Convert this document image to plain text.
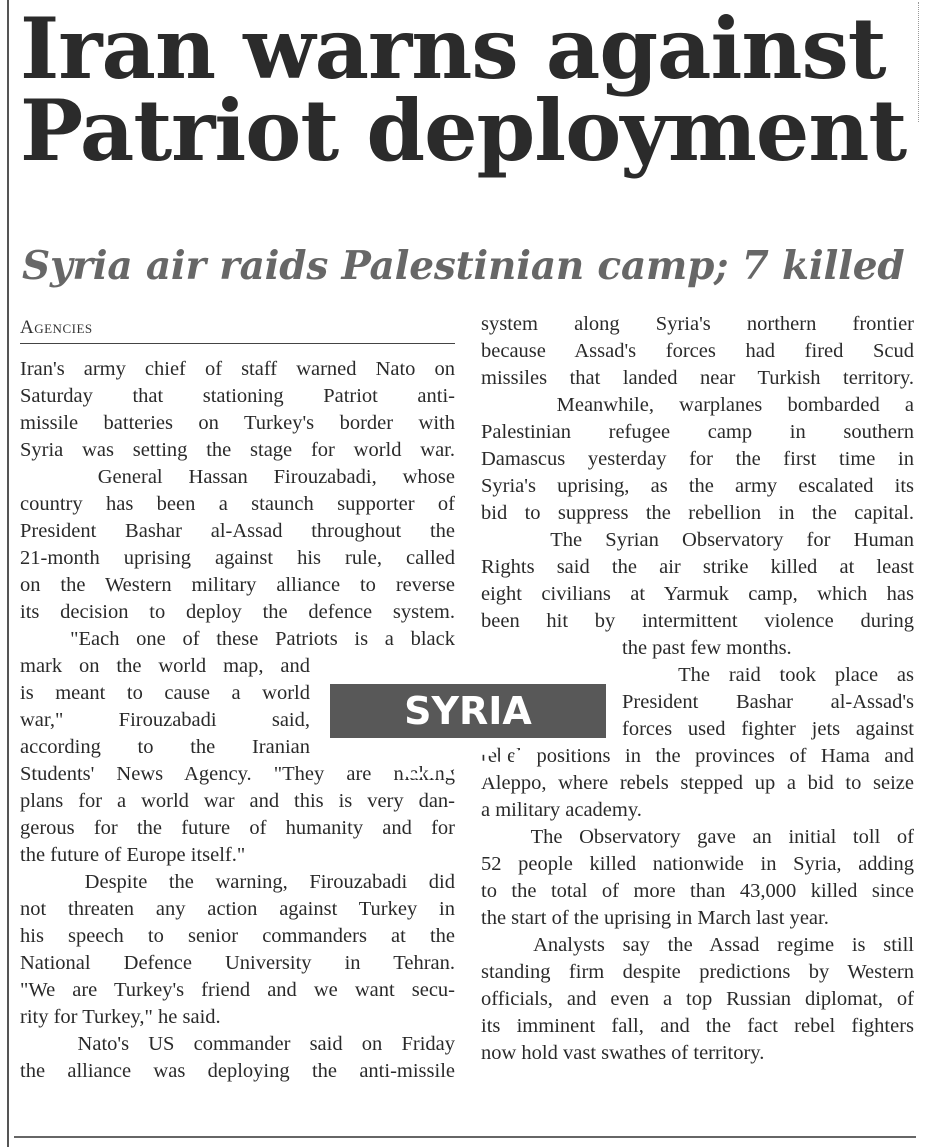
Iran warns against
Patriot deployment
Syria air raids Palestinian camp; 7 killed
Agencies
Iran's army chief of staff warned Nato on
Saturday that stationing Patriot anti-
missile batteries on Turkey's border with
Syria was setting the stage for world war.
General Hassan Firouzabadi, whose
country has been a staunch supporter of
President Bashar al-Assad throughout the
21-month uprising against his rule, called
on the Western military alliance to reverse
its decision to deploy the defence system.
"Each one of these Patriots is a black
mark on the world map, and
is meant to cause a world
war," Firouzabadi said,
according to the Iranian
Students' News Agency. "They are making
plans for a world war and this is very dan-
gerous for the future of humanity and for
the future of Europe itself."
Despite the warning, Firouzabadi did
not threaten any action against Turkey in
his speech to senior commanders at the
National Defence University in Tehran.
"We are Turkey's friend and we want secu-
rity for Turkey," he said.
Nato's US commander said on Friday
the alliance was deploying the anti-missile
system along Syria's northern frontier
because Assad's forces had fired Scud
missiles that landed near Turkish territory.
Meanwhile, warplanes bombarded a
Palestinian refugee camp in southern
Damascus yesterday for the first time in
Syria's uprising, as the army escalated its
bid to suppress the rebellion in the capital.
The Syrian Observatory for Human
Rights said the air strike killed at least
eight civilians at Yarmuk camp, which has
been hit by intermittent violence during
the past few months.
The raid took place as
President Bashar al-Assad's
forces used fighter jets against
rebel positions in the provinces of Hama and
Aleppo, where rebels stepped up a bid to seize
a military academy.
The Observatory gave an initial toll of
52 people killed nationwide in Syria, adding
to the total of more than 43,000 killed since
the start of the uprising in March last year.
Analysts say the Assad regime is still
standing firm despite predictions by Western
officials, and even a top Russian diplomat, of
its imminent fall, and the fact rebel fighters
now hold vast swathes of territory.
SYRIA CRISIS
